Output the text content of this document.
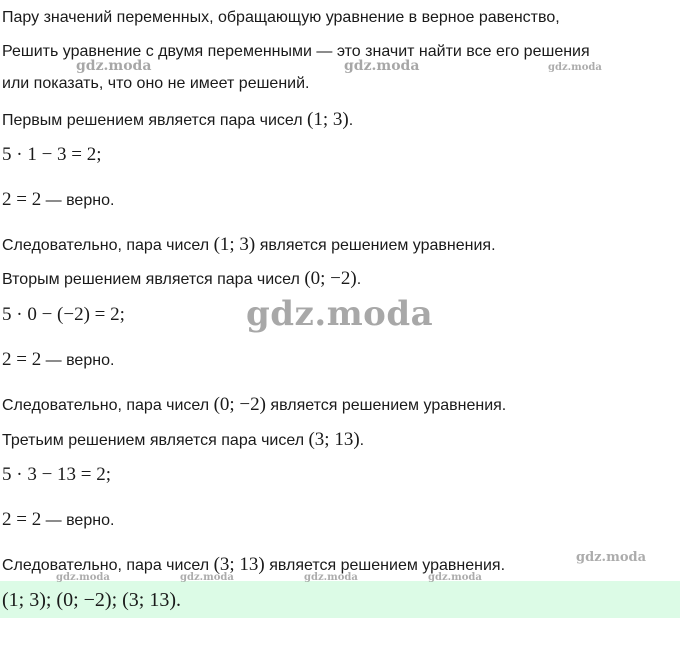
Пару значений переменных, обращающую уравнение в верное равенство,
Решить уравнение с двумя переменными — это значит найти все его решения
или показать, что оно не имеет решений.
Первым решением является пара чисел (1; 3).
5 · 1 − 3 = 2;
2 = 2 — верно.
Следовательно, пара чисел (1; 3) является решением уравнения.
Вторым решением является пара чисел (0; −2).
5 · 0 − (−2) = 2;
2 = 2 — верно.
Следовательно, пара чисел (0; −2) является решением уравнения.
Третьим решением является пара чисел (3; 13).
5 · 3 − 13 = 2;
2 = 2 — верно.
Следовательно, пара чисел (3; 13) является решением уравнения.
(1; 3); (0; −2); (3; 13).
gdz.moda	gdz.moda	gdz.moda
gdz.moda
gdz.moda
gdz.moda	gdz.moda	gdz.moda	gdz.moda
